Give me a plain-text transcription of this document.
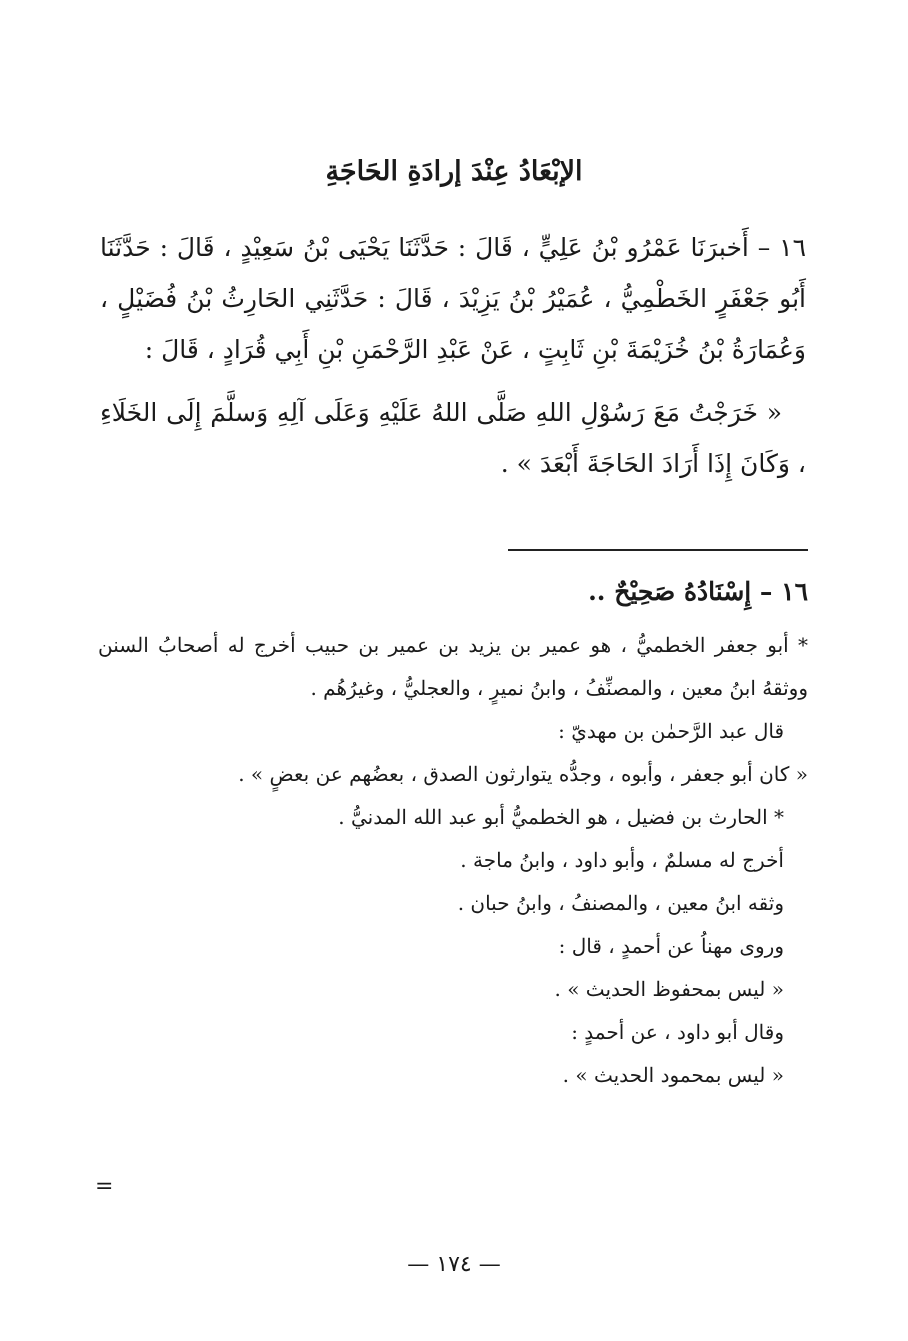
الإبْعَادُ عِنْدَ إرادَةِ الحَاجَةِ

١٦ – أَخبرَنَا عَمْرُو بْنُ عَلِيٍّ ، قَالَ : حَدَّثَنَا يَحْيَى بْنُ سَعِيْدٍ ، قَالَ : حَدَّثَنَا أَبُو جَعْفَرٍ الخَطْمِيُّ ، عُمَيْرُ بْنُ يَزِيْدَ ، قَالَ : حَدَّثَنِي الحَارِثُ بْنُ فُضَيْلٍ ، وَعُمَارَةُ بْنُ خُزَيْمَةَ بْنِ ثَابِتٍ ، عَنْ عَبْدِ الرَّحْمَنِ بْنِ أَبِي قُرَادٍ ، قَالَ :

« خَرَجْتُ مَعَ رَسُوْلِ اللهِ صَلَّى اللهُ عَلَيْهِ وَعَلَى آلِهِ وَسلَّمَ إِلَى الخَلَاءِ ، وَكَانَ إِذَا أَرَادَ الحَاجَةَ أَبْعَدَ » .

١٦ – إِسْنَادُهُ صَحِيْحٌ ..

* أبو جعفر الخطميُّ ، هو عمير بن يزيد بن عمير بن حبيب أخرج له أصحابُ السنن ووثقهُ ابنُ معين ، والمصنِّفُ ، وابنُ نميرٍ ، والعجليُّ ، وغيرُهُم .

قال عبد الرَّحمٰن بن مهديّ :

« كان أبو جعفر ، وأبوه ، وجدُّه يتوارثون الصدق ، بعضُهم عن بعضٍ » .

* الحارث بن فضيل ، هو الخطميُّ أبو عبد الله المدنيُّ .

أخرج له مسلمٌ ، وأبو داود ، وابنُ ماجة .

وثقه ابنُ معين ، والمصنفُ ، وابنُ حبان .

وروى مهناُ عن أحمدٍ ، قال :

« ليس بمحفوظ الحديث » .

وقال أبو داود ، عن أحمدٍ :

« ليس بمحمود الحديث » .

=
— ١٧٤ —
